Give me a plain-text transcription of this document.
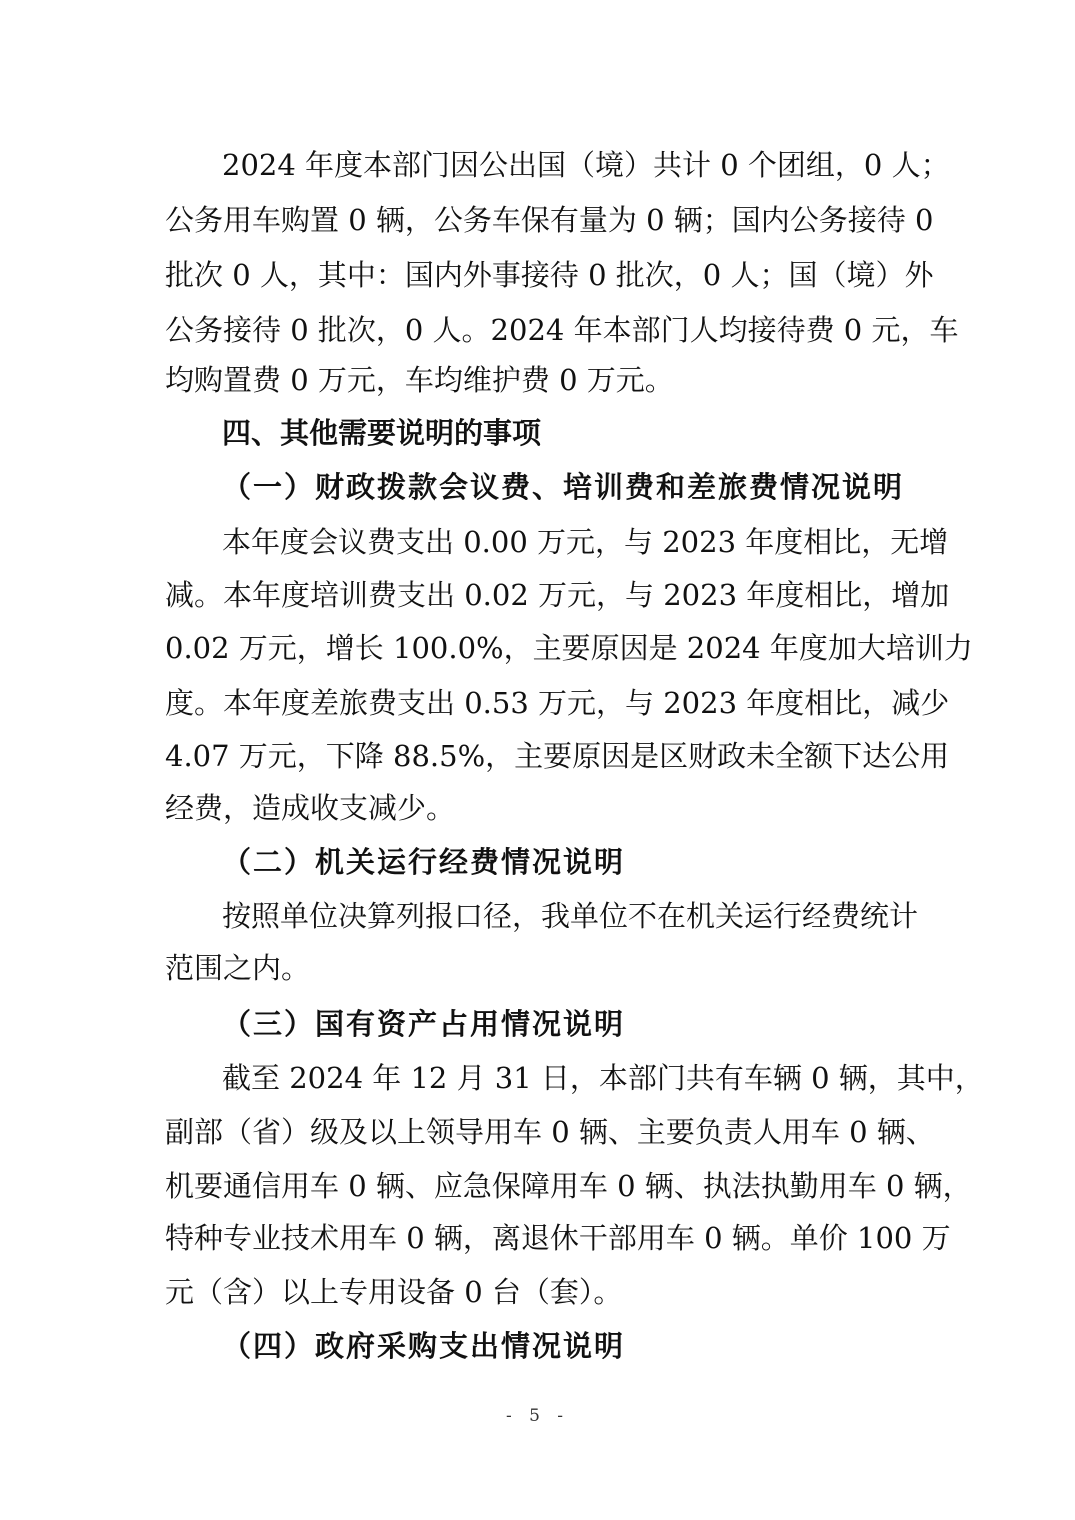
2024 年度本部门因公出国（境）共计 0 个团组，0 人；
公务用车购置 0 辆，公务车保有量为 0 辆；国内公务接待 0
批次 0 人，其中：国内外事接待 0 批次，0 人；国（境）外
公务接待 0 批次，0 人。2024 年本部门人均接待费 0 元，车
均购置费 0 万元，车均维护费 0 万元。
四、其他需要说明的事项
（一）财政拨款会议费、培训费和差旅费情况说明
本年度会议费支出 0.00 万元，与 2023 年度相比，无增
减。本年度培训费支出 0.02 万元，与 2023 年度相比，增加
0.02 万元，增长 100.0%，主要原因是 2024 年度加大培训力
度。本年度差旅费支出 0.53 万元，与 2023 年度相比，减少
4.07 万元，下降 88.5%，主要原因是区财政未全额下达公用
经费，造成收支减少。
（二）机关运行经费情况说明
按照单位决算列报口径，我单位不在机关运行经费统计
范围之内。
（三）国有资产占用情况说明
截至 2024 年 12 月 31 日，本部门共有车辆 0 辆，其中，
副部（省）级及以上领导用车 0 辆、主要负责人用车 0 辆、
机要通信用车 0 辆、应急保障用车 0 辆、执法执勤用车 0 辆，
特种专业技术用车 0 辆，离退休干部用车 0 辆。单价 100 万
元（含）以上专用设备 0 台（套）。
（四）政府采购支出情况说明
- 5 -
